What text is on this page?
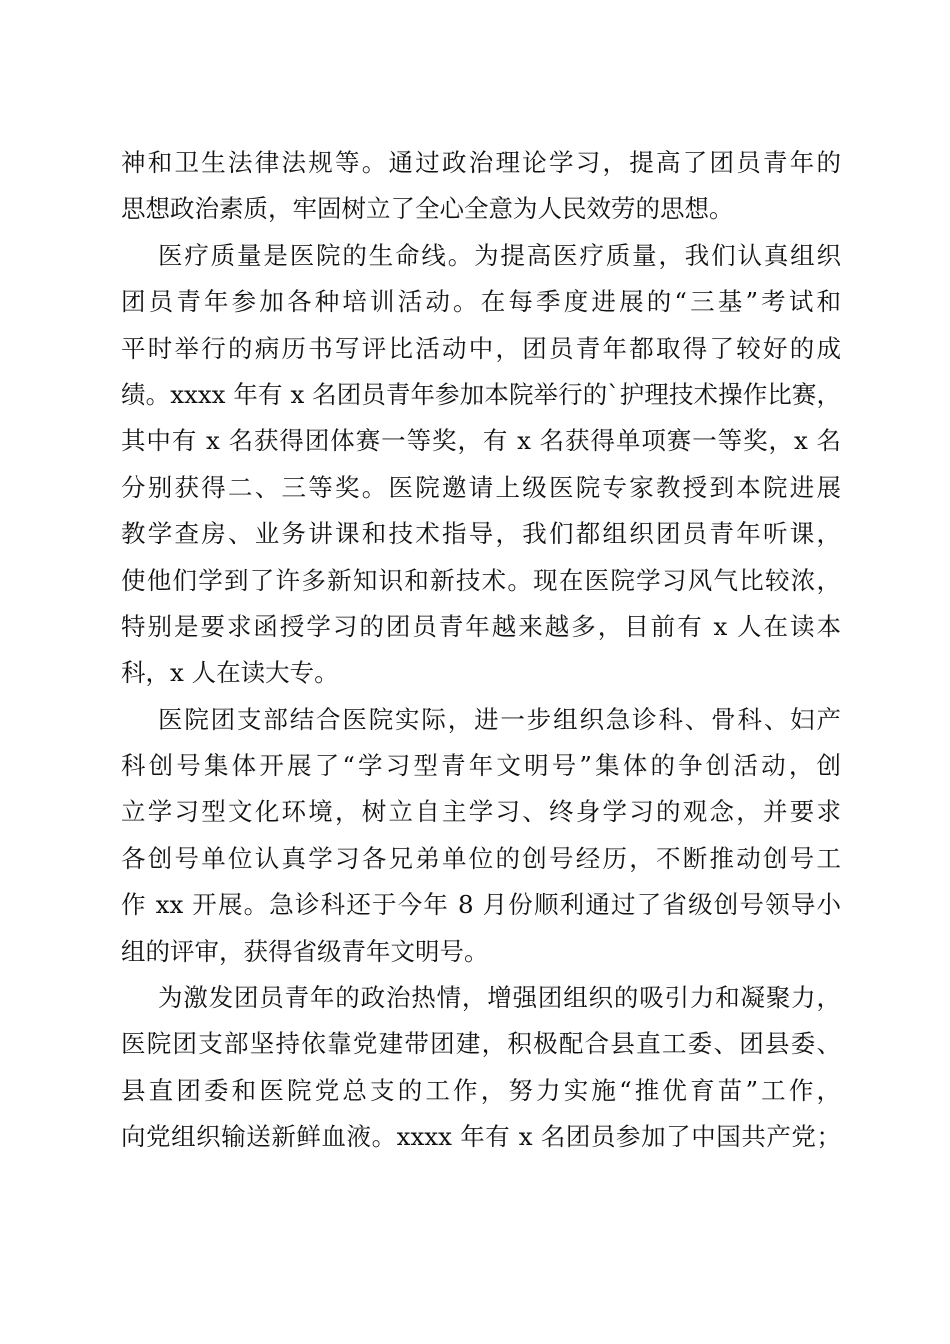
神和卫生法律法规等。通过政治理论学习，提高了团员青年的
思想政治素质，牢固树立了全心全意为人民效劳的思想。
医疗质量是医院的生命线。为提高医疗质量，我们认真组织
团员青年参加各种培训活动。在每季度进展的“三基”考试和
平时举行的病历书写评比活动中，团员青年都取得了较好的成
绩。xxxx 年有 x 名团员青年参加本院举行的`护理技术操作比赛，
其中有 x 名获得团体赛一等奖，有 x 名获得单项赛一等奖，x 名
分别获得二、三等奖。医院邀请上级医院专家教授到本院进展
教学查房、业务讲课和技术指导，我们都组织团员青年听课，
使他们学到了许多新知识和新技术。现在医院学习风气比较浓，
特别是要求函授学习的团员青年越来越多，目前有 x 人在读本
科，x 人在读大专。
医院团支部结合医院实际，进一步组织急诊科、骨科、妇产
科创号集体开展了“学习型青年文明号”集体的争创活动，创
立学习型文化环境，树立自主学习、终身学习的观念，并要求
各创号单位认真学习各兄弟单位的创号经历，不断推动创号工
作 xx 开展。急诊科还于今年 8 月份顺利通过了省级创号领导小
组的评审，获得省级青年文明号。
为激发团员青年的政治热情，增强团组织的吸引力和凝聚力，
医院团支部坚持依靠党建带团建，积极配合县直工委、团县委、
县直团委和医院党总支的工作，努力实施“推优育苗”工作，
向党组织输送新鲜血液。xxxx 年有 x 名团员参加了中国共产党；
